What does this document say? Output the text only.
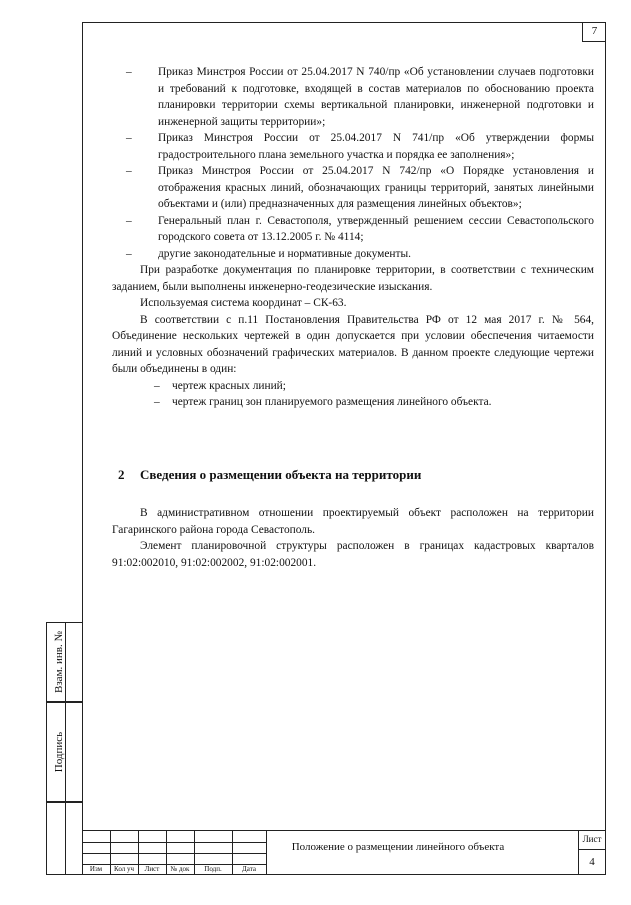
7
Взам. инв. №
Подпись
– Приказ Минстроя России от 25.04.2017 N 740/пр «Об установлении случаев подготовки и требований к подготовке, входящей в состав материалов по обоснованию проекта планировки территории схемы вертикальной планировки, инженерной подготовки и инженерной защиты территории»;
– Приказ Минстроя России от 25.04.2017 N 741/пр «Об утверждении формы градостроительного плана земельного участка и порядка ее заполнения»;
– Приказ Минстроя России от 25.04.2017 N 742/пр «О Порядке установления и отображения красных линий, обозначающих границы территорий, занятых линейными объектами и (или) предназначенных для размещения линейных объектов»;
– Генеральный план г. Севастополя, утвержденный решением сессии Севастопольского городского совета от 13.12.2005 г. № 4114;
– другие законодательные и нормативные документы.
При разработке документация по планировке территории, в соответствии с техническим заданием, были выполнены инженерно-геодезические изыскания.
Используемая система координат – СК-63.
В соответствии с п.11 Постановления Правительства РФ от 12 мая 2017 г. № 564, Объединение нескольких чертежей в один допускается при условии обеспечения читаемости линий и условных обозначений графических материалов. В данном проекте следующие чертежи были объединены в один:
– чертеж красных линий;
– чертеж границ зон планируемого размещения линейного объекта.
2 Сведения о размещении объекта на территории
В административном отношении проектируемый объект расположен на территории Гагаринского района города Севастополь.
Элемент планировочной структуры расположен в границах кадастровых кварталов 91:02:002010, 91:02:002002, 91:02:002001.
Изм	Кол уч	Лист	№ док	Подп.	Дата
Положение о размещении линейного объекта
Лист
4
